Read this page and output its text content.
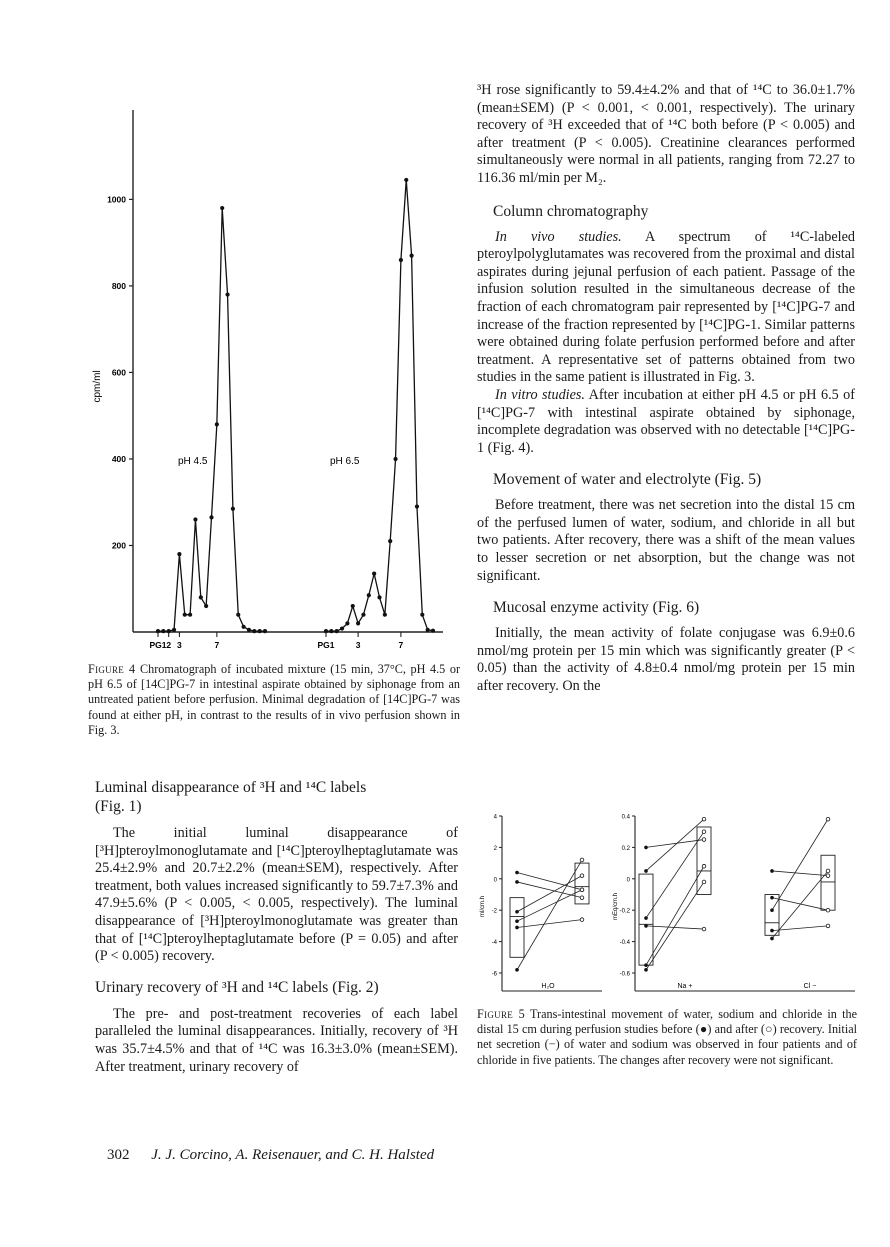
200
400
600
800
1000
cpm/ml
PG1 2 3	7	PG1 3	7
pH 4.5	pH 6.5
Figure 4 Chromatograph of incubated mixture (15 min, 37°C, pH 4.5 or pH 6.5 of [14C]PG-7 in intestinal aspirate obtained by siphonage from an untreated patient before perfusion. Minimal degradation of [14C]PG-7 was found at either pH, in contrast to the results of in vivo perfusion shown in Fig. 3.
Luminal disappearance of ³H and ¹⁴C labels
(Fig. 1)

The initial luminal disappearance of [³H]pteroylmonoglutamate and [¹⁴C]pteroylheptaglutamate was 25.4±2.9% and 20.7±2.2% (mean±SEM), respectively. After treatment, both values increased significantly to 59.7±7.3% and 47.9±5.6% (P < 0.005, < 0.005, respectively). The luminal disappearance of [³H]pteroylmonoglutamate was greater than that of [¹⁴C]pteroylheptaglutamate before (P = 0.05) and after (P < 0.005) recovery.

Urinary recovery of ³H and ¹⁴C labels (Fig. 2)

The pre- and post-treatment recoveries of each label paralleled the luminal disappearances. Initially, recovery of ³H was 35.7±4.5% and that of ¹⁴C was 16.3±3.0% (mean±SEM). After treatment, urinary recovery of

³H rose significantly to 59.4±4.2% and that of ¹⁴C to 36.0±1.7% (mean±SEM) (P < 0.001, < 0.001, respectively). The urinary recovery of ³H exceeded that of ¹⁴C both before (P < 0.005) and after treatment (P < 0.005). Creatinine clearances performed simultaneously were normal in all patients, ranging from 72.27 to 116.36 ml/min per M₂.

Column chromatography

In vivo studies. A spectrum of ¹⁴C-labeled pteroylpolyglutamates was recovered from the proximal and distal aspirates during jejunal perfusion of each patient. Passage of the infusion solution resulted in the simultaneous decrease of the fraction of each chromatogram pair represented by [¹⁴C]PG-7 and increase of the fraction represented by [¹⁴C]PG-1. Similar patterns were obtained during folate perfusion performed before and after treatment. A representative set of patterns obtained from two studies in the same patient is illustrated in Fig. 3.

In vitro studies. After incubation at either pH 4.5 or pH 6.5 of [¹⁴C]PG-7 with intestinal aspirate obtained by siphonage, incomplete degradation was observed with no detectable [¹⁴C]PG-1 (Fig. 4).

Movement of water and electrolyte (Fig. 5)

Before treatment, there was net secretion into the distal 15 cm of the perfused lumen of water, sodium, and chloride in all but two patients. After recovery, there was a shift of the mean values to lesser secretion or net absorption, but the change was not significant.

Mucosal enzyme activity (Fig. 6)

Initially, the mean activity of folate conjugase was 6.9±0.6 nmol/mg protein per 15 min which was significantly greater (P < 0.05) than the activity of 4.8±0.4 nmol/mg protein per 15 min after recovery. On the

-6
-4
-2
0
2
4
ml/cm.h
H₂O
-0.6
-0.4
-0.2
0
0.2
0.4
mEq/cm.h
Na +	Cl −
Figure 5 Trans-intestinal movement of water, sodium and chloride in the distal 15 cm during perfusion studies before (●) and after (○) recovery. Initial net secretion (−) of water and sodium was observed in four patients and of chloride in five patients. The changes after recovery were not significant.
302 J. J. Corcino, A. Reisenauer, and C. H. Halsted
